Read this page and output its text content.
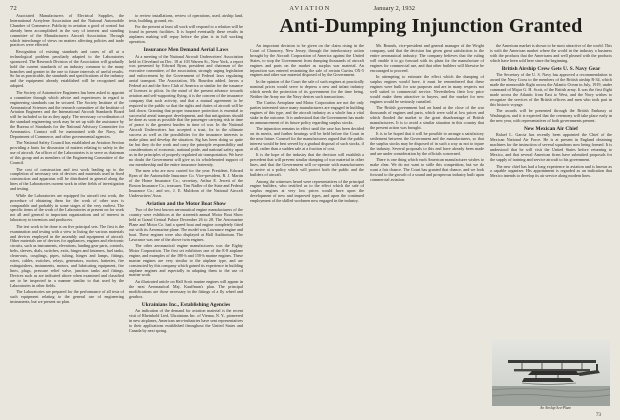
72	AVIATION	January 2, 1932
Anti-Dumping Injunction Granted

Associated Manufacturers of Electrical Supplies, the International Acetylene Association and the National Automobile Chamber of Commerce. Publicity in aviation a good of control but already been accomplished in the way of interest and standing committee of the Manufacturers Aircraft Association. Through which interchange of views on matters affecting policies and trade practices were effected.

Recognition of existing standards and cases of all at a technological problem peculiarly adapted to the Laboratories sponsored. The Research Division of the Association will gradually hold the current standards of an industry common to the many branches and greater in the one to future intervals of useful results. So far as practicable, the standards and specifications of the industry and the equipment already established will be recognized and adopted.

The Society of Automotive Engineers has been asked to appoint a committee through which advice and experiences in regard to engineering standards can be secured. The Society Institute of the Aeronautical Sciences and the research committee of the Institute of Aviation Engineers and the International Aircraft Standards Board will be included so far as they apply. The necessary co-ordination of the standard engineering work may be set up with the assistance by the Bureau of Standards for the National Advisory Committee for Aeronautics. Contact will be maintained with the Navy, the Department of Commerce, and other governmental agencies.

The National Safety Council has established an Aviation Section providing a basis for discussion of matters relating to safety in the use of aircraft. An officer of the Laboratories is to serve as chairman of this group and as members of the Engineering Committee of the Council.

The cost of construction and test work leading up to the completion of necessary sets of devices and materials used in fixed construction and apparatus will be distributed in general along the lines of the Laboratories current work in other fields of investigation and testing.

While the Laboratories are equipped for aircraft test work, the procedure of obtaining them for the work of other uses is comparable and probably in some stages of the very earliest. The specific items of the work of the Laboratories at present on for work not all and general to important organizations and of interest in laboratory to inventors and producers.

The test work to be done is on five principal sets. The first is the examination and testing with a view to listing the various materials and devices employed in the assembly and equipment of aircraft. Other materials are of devices for appliances, engines and electronic circuits, such as instruments, elevations, landing gear parts, controls, belts, sleeves, dials, switches, exits, hinges and fasteners, fuel tanks, clean-outs, couplings, pipes, tubing, hinges and lamps, fittings, wires, cables, switches, relays, generators, motors, batteries, fire extinguishers, instruments, motors, and lubricating equipment, fire lines, plugs, pressure relief valve, junction tanks and fittings. Devices such as are indicated above when examined and classified are to be inspected in a manner similar to that used by the Laboratories in other fields.

The Laboratories are prepared for the performance of all tests of such equipment relating to the general use of engineering instruments, but we present no plan.

to review installations, review of operations, used, airship land, tests, building, ground, etc.

For the present at least all work will respond to a relation will be found in present facilities. It is hoped eventually these results in airplanes making will repay before the plan is in full working operation.

Insurance Men Demand Aerial Laws

At a meeting of the National Aircraft Underwriters' Association held in Cleveland on Dec. 18 at 103 Warren St., New York, a report was presented by Edward Ryan, president and chairman of the executive committee, of the association, strongly urging legislation and enforcement by the Government of Federal laws regulating aerial transport. The Association, Mr. Bourdon added, favors a Federal act and the Aero Club of America or similar for the issuance of licenses to pilots. In the mind of the present advance towards aviation and self-supporting flying, it is the concern of the insurance company that such activity, and that a mutual agreement to be required to the public so that the rights and duties of aircraft will be laid down. Granting that proper insurance protection is essential to successful aerial transport development, and that mitigations should be done as soon as possible that the passenger carrying risk in time of peace is the greatest burden in time of war. In the National Aircraft Underwriters has accepted a trust, for in the ultimate success as well as the possibilities for the insurance interests to make plans and develop the situation. Sig has been doing so quite far but they do the work and carry the principle responsibility and considerations of economic, national pride, and national safety upon us in the principles of properly regulated air transportation. We have no doubt the Government will give us its wholehearted support of our membership and the entire insurance fraternity.

The men who are now carried for the year: President, Edward Ryan of the Automobile Insurance Co. Vice-president, R. J. Martin of the Home Insurance Co.; secretary, Arthur E. Jewett of the Boston Insurance Co.; treasurer, Tim Nadler of the State and Federal Insurance Co.; and sec, J. E. Muldoon of the National Aircraft Underwriters' Assn.

Aviation and the Motor Boat Show

Two of the best known aeronautical engine manufacturers of the country were exhibitors at the sixteenth annual Motor Boat Show held at Grand Central Palace December 26 to 28. The Aeromarine Plane and Motor Co. had a speed boat and engine completely fitted out with its Aeromarine plane. The model was Lawrance engine and boat. These engines were also displayed at Hall Auditorium. The Lawrance was one of the above twin engines.

The other aeronautical engine manufacturers was the Eighty Motor Corporation. The first set exhibitors one of the E-8 airplane engine, and examples of the 180-h and 150-h marine engines. These marine engines are very similar to the airplane type, and are constructed by this company which gained its experience in building airplane engines and especially in adapting them to the use of marine work.

An illustrated article on Hall Scott marine engines will appear in the next Aeronautical Maj. Kauffman's plan. The principal modifications are those necessary in the fittings of a fly wheel and gearbox.

Ukrainians Inc., Establishing Agencies

An indication of the demand for aviation material is the recent visit of Rheinhold Lied, Ukrainians Inc. of Vienna, N. Y., pioneered in new airplanes, American aero-industries have sent representatives to their applications established throughout the United States and Canada by next spring.

An important decision to be given on the claim rising in the Court of Chancery, New Jersey, through the interlocutory action brought by the Aircraft Corporation of America against the United States, to stop the Government from dumping thousands of aircraft engines and parts on the market as surplus war material. An injunction was entered restraining the sale of certain Curtiss OX-5 engines and other war material disposed of by the Government.

In the opinion of the Court the sale of such engines at practically nominal prices would serve to depress a new and infant industry which needs the protection of its government for the time being. Neither the Army nor the Navy desires such transactions.

The Curtiss Aeroplane and Motor Corporation are not the only parties interested since many manufacturers are engaged in building engines of this type, and the aircraft industry as a whole has a vital stake in the outcome. It is understood that the Government has made no announcement of its future policy regarding surplus stocks.

The injunction remains in effect until the case has been decided on its merits, and further hearings will be held before the Court in the near future. Counsel for the manufacturers argued that the public interest would be best served by a gradual disposal of such stocks, if at all, rather than a sudden sale at a fraction of cost.

It is the hope of the industry that the decision will establish a precedent that will prevent similar dumping of war material in other lines, and that the Government will co-operate with manufacturers to arrive at a policy which will protect both the public and the builders of aircraft.

Among the witnesses heard were representatives of the principal engine builders, who testified as to the effect which the sale of surplus engines at very low prices would have upon the development of new and improved types, and upon the continued employment of the skilled workmen now engaged in the industry.

Mr. Bounds, vice-president and general manager of the Wright company, said that the decision has given great satisfaction to the entire aeronautical industry. The company believes that the ruling will enable it to go forward with its plans for the manufacture of engines for commercial use, and that other builders will likewise be encouraged to proceed.

In attempting to estimate the effect which the dumping of surplus engines would have, it must be remembered that these engines were built for war purposes and are in many respects not well suited to commercial service. Nevertheless their low price would make them attractive to buyers, and the market for new engines would be seriously curtailed.

The British government had on hand at the close of the war thousands of engines and parts, which were sold at low prices and which flooded the market to the great disadvantage of British manufacturers. It is to avoid a similar situation in this country that the present action was brought.

It is to be hoped that it will be possible to arrange a satisfactory settlement between the Government and the manufacturers, so that the surplus stocks may be disposed of in such a way as not to injure the industry. Several proposals to this end have already been made and are under consideration by the officials concerned.

There is one thing which each American manufacturer wishes to make clear. We do not want to stifle this competition, but we do want a fair chance. The Court has granted that chance, and we look forward to the growth of a sound and prosperous industry built upon commercial aviation.

the American market is shown to be most attractive of the world. This is with the American market where the world in the industry a business with the products that the Americans and well pleased with the products which have been sold here since the beginning.

British Airship Crew Gets U. S. Navy Gear

The Secretary of the U. S. Navy has approved a recommendation to award the Navy Cross to the members of the British airship R-34, which made the memorable flight across the Atlantic Ocean in July, 1919, under command of Major G. H. Scott, of the British army. It was the first flight made across the Atlantic from East to West, and the Navy wishes to recognize the services of the British officers and men who took part in this historic voyage.

The awards will be presented through the British Embassy at Washington, and it is expected that the ceremony will take place early in the new year, with representatives of both governments present.

New Mexican Air Chief

Rafael L. Garcia has recently been appointed the Chief of the Mexican National Air Force. He is at present in England obtaining machines for the instruction of several squadrons now being formed. It is understood that he will visit the United States before returning to Mexico, and that several American firms have submitted proposals for the supply of training and service aircraft to his government.

The new chief has had a long experience in aviation and is known as a capable organizer. His appointment is regarded as an indication that Mexico intends to develop its air service along modern lines.

An Airship Sea-Plane
73
